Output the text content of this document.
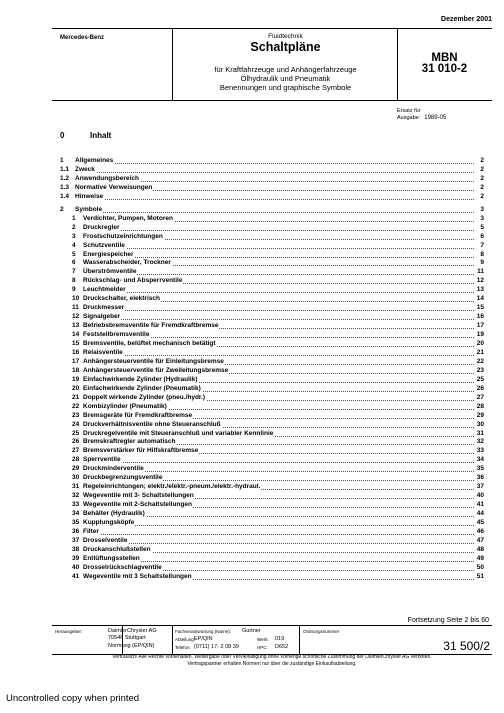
Dezember 2001
Mercedes-Benz	Fluidtechnik
Schaltpläne
für Kraftfahrzeuge und Anhängerfahrzeuge
Ölhydraulik und Pneumatik
Benennungen und graphische Symbole
MBN
31 010-2
Ersatz für
Ausgabe: 1989-05
0	Inhalt
1 Allgemeines	2
1.1 Zweck	2
1.2 Anwendungsbereich	2
1.3 Normative Verweisungen	2
1.4 Hinweise	2
2 Symbole	3
1 Verdichter, Pumpen, Motoren	3
2 Druckregler	5
3 Frostschutzeinrichtungen	6
4 Schutzventile	7
5 Energiespeicher	8
6 Wasserabscheider, Trockner	9
7 Überströmventile	11
8 Rückschlag- und Absperrventile	12
9 Leuchtmelder	13
10 Druckschalter, elektrisch	14
11 Druckmesser	15
12 Signalgeber	16
13 Betriebsbremsventile für Fremdkraftbremse	17
14 Feststellbremsventile	19
15 Bremsventile, belüftet mechanisch betätigt	20
16 Relaisventile	21
17 Anhängersteuerventile für Einleitungsbremse	22
18 Anhängersteuerventile für Zweileitungsbremse	23
19 Einfachwirkende Zylinder (Hydraulik)	25
20 Einfachwirkende Zylinder (Pneumatik)	26
21 Doppelt wirkende Zylinder (pneu./hydr.)	27
22 Kombizylinder (Pneumatik)	28
23 Bremsgeräte für Fremdkraftbremse	29
24 Druckverhältnisventile ohne Steueranschluß	30
25 Druckregelventile mit Steueranschluß und variabler Kennlinie	31
26 Bremskraftregler automatisch	32
27 Bremsverstärker für Hilfskraftbremse	33
28 Sperrventile	34
29 Druckminderventile	35
30 Druckbegrenzungsventile	36
31 Regeleinrichtungen; elektr./elektr.-pneum./elektr.-hydraul.	37
32 Wegeventile mit 3- Schaltstellungen	40
33 Wegeventile mit 2-Schaltstellungen	41
34 Behälter (Hydraulik)	44
35 Kupplungsköpfe	45
36 Filter	46
37 Drosselventile	47
38 Druckanschlußstellen	48
39 Entlüftungsstellen	49
40 Drosselrückschlagventile	50
41 Wegeventile mit 3 Schaltstellungen	51
Fortsetzung Seite 2 bis 60
Herausgeber:	DaimlerChrysler AG
70546 Stuttgart
Normung (EP/QIN)
Fachverantwortung (Name): Gurtner
Abteilung:
EP/QIN	Werk: 019
Telefon: (0711) 17- 2 08 39	HPC: D652
Ordnungsnummer
31 500/2
Vertraulich! Alle Rechte vorbehalten. Weitergabe oder Vervielfältigung ohne vorherige schriftliche Zustimmung der DaimlerChrysler AG verboten.
Vertragspartner erhalten Normen nur über die zuständige Einkaufsabteilung.
Uncontrolled copy when printed
